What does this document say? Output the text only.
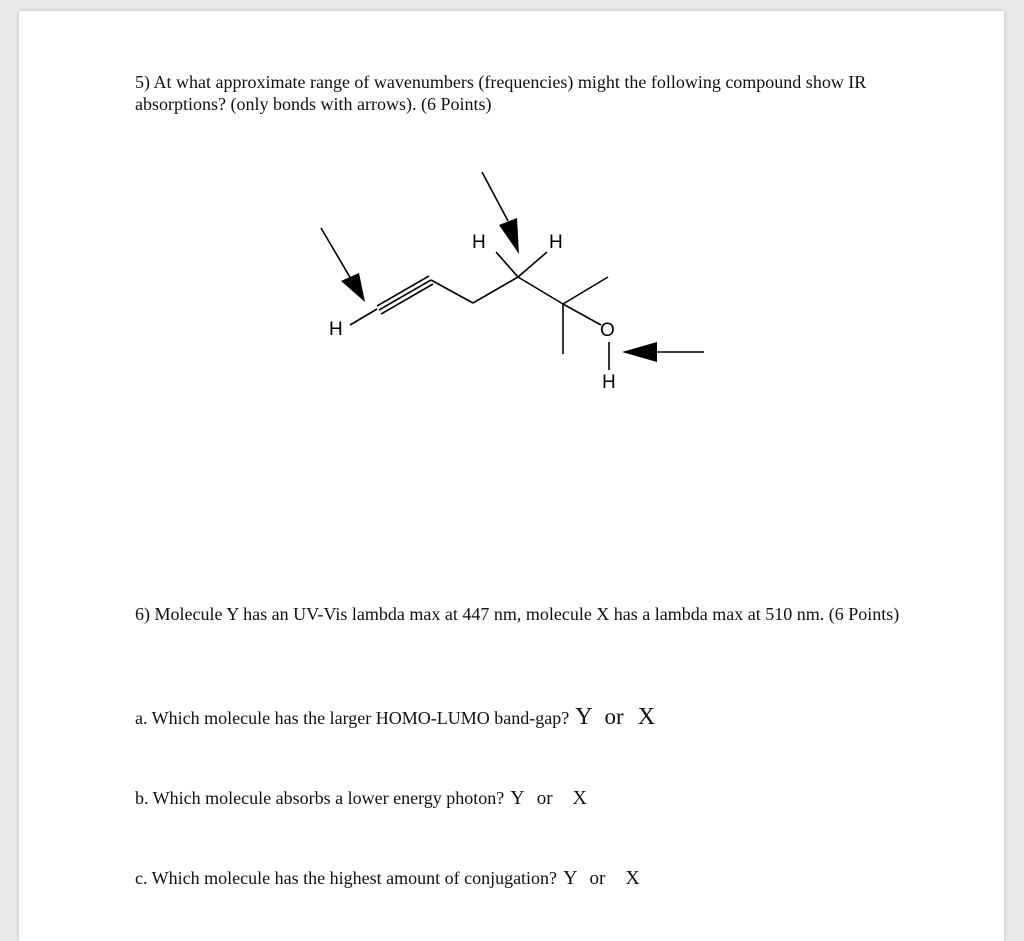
5) At what approximate range of wavenumbers (frequencies) might the following compound show IR absorptions? (only bonds with arrows). (6 Points)

H
H	H
O
H

6) Molecule Y has an UV-Vis lambda max at 447 nm, molecule X has a lambda max at 510 nm. (6 Points)

a. Which molecule has the larger HOMO-LUMO band-gap? Y or X
b. Which molecule absorbs a lower energy photon? Y or X
c. Which molecule has the highest amount of conjugation? Y or X
